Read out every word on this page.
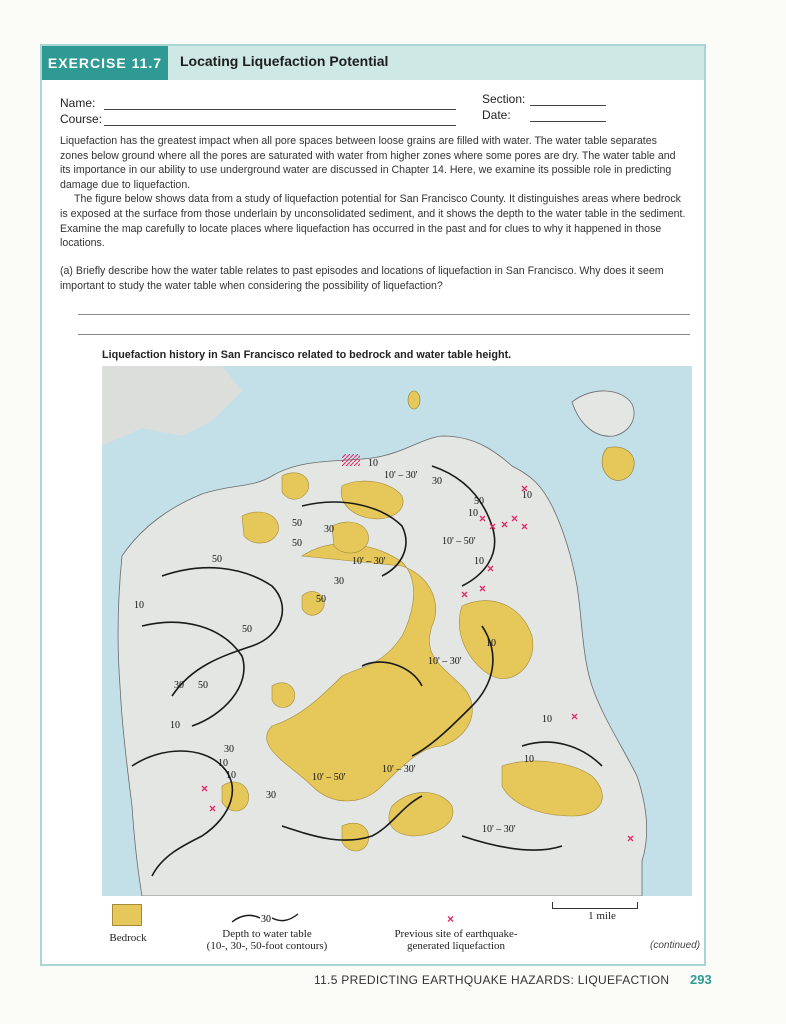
EXERCISE 11.7	Locating Liquefaction Potential
Name:
Course:
Section:
Date:

Liquefaction has the greatest impact when all pore spaces between loose grains are filled with water. The water table separates zones below ground where all the pores are saturated with water from higher zones where some pores are dry. The water table and its importance in our ability to use underground water are discussed in Chapter 14. Here, we examine its possible role in predicting damage due to liquefaction.

The figure below shows data from a study of liquefaction potential for San Francisco County. It distinguishes areas where bedrock is exposed at the surface from those underlain by unconsolidated sediment, and it shows the depth to the water table in the sediment. Examine the map carefully to locate places where liquefaction has occurred in the past and for clues to why it happened in those locations.

(a) Briefly describe how the water table relates to past episodes and locations of liquefaction in San Francisco. Why does it seem important to study the water table when considering the possibility of liquefaction?
Liquefaction history in San Francisco related to bedrock and water table height.
10
10' – 30'
30
10
50
10
50
30
50	10' – 50'
10' – 30'	10
50
30
50
10
50
10
10' – 30'
30 50
10
30
10
10
30
10' – 50'
10' – 30'
10
10
10' – 30'
Bedrock
30
Depth to water table
(10-, 30-, 50-foot contours)
×
Previous site of earthquake-
generated liquefaction
1 mile
(continued)
11.5 PREDICTING EARTHQUAKE HAZARDS: LIQUEFACTION 293
